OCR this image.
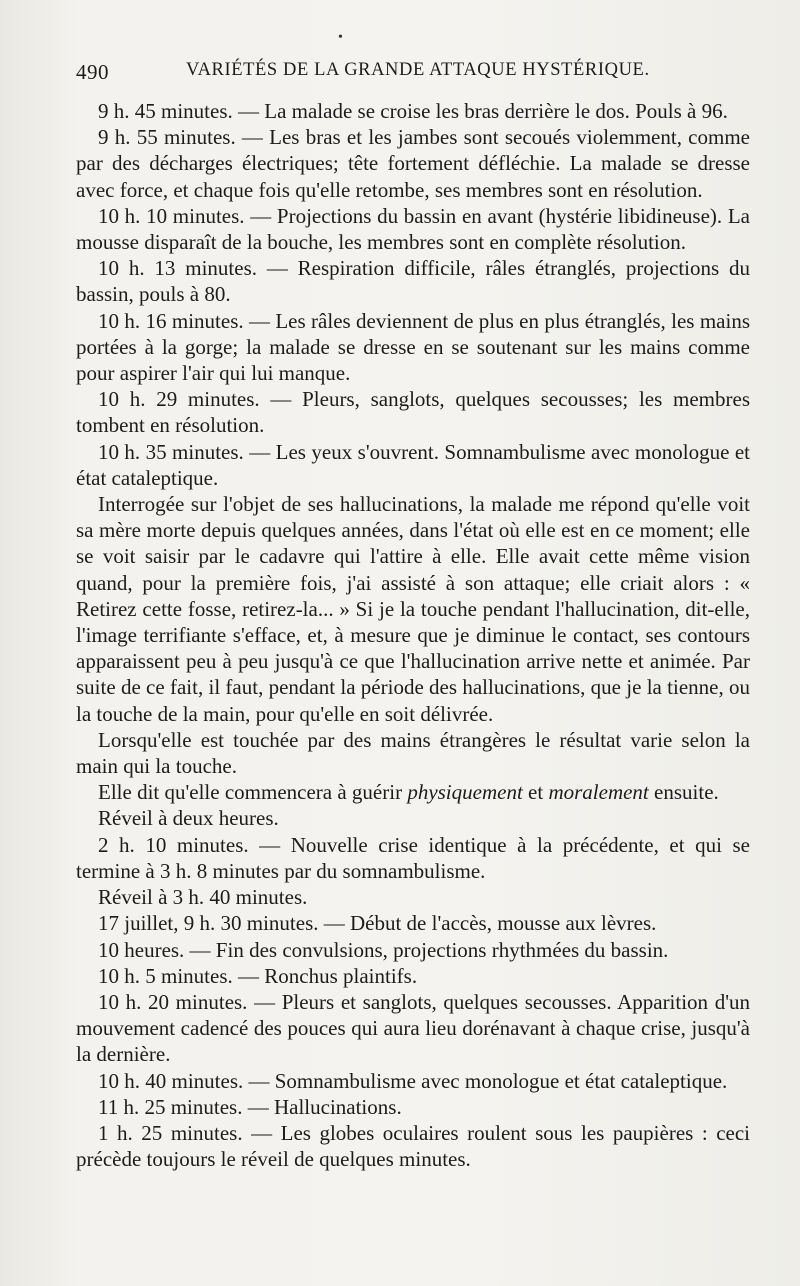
•
490	VARIÉTÉS DE LA GRANDE ATTAQUE HYSTÉRIQUE.

9 h. 45 minutes. — La malade se croise les bras derrière le dos. Pouls à 96.

9 h. 55 minutes. — Les bras et les jambes sont secoués violemment, comme par des décharges électriques; tête fortement défléchie. La malade se dresse avec force, et chaque fois qu'elle retombe, ses membres sont en résolution.

10 h. 10 minutes. — Projections du bassin en avant (hystérie libidineuse). La mousse disparaît de la bouche, les membres sont en complète résolution.

10 h. 13 minutes. — Respiration difficile, râles étranglés, projections du bassin, pouls à 80.

10 h. 16 minutes. — Les râles deviennent de plus en plus étranglés, les mains portées à la gorge; la malade se dresse en se soutenant sur les mains comme pour aspirer l'air qui lui manque.

10 h. 29 minutes. — Pleurs, sanglots, quelques secousses; les membres tombent en résolution.

10 h. 35 minutes. — Les yeux s'ouvrent. Somnambulisme avec monologue et état cataleptique.

Interrogée sur l'objet de ses hallucinations, la malade me répond qu'elle voit sa mère morte depuis quelques années, dans l'état où elle est en ce moment; elle se voit saisir par le cadavre qui l'attire à elle. Elle avait cette même vision quand, pour la première fois, j'ai assisté à son attaque; elle criait alors : « Retirez cette fosse, retirez-la... » Si je la touche pendant l'hallucination, dit-elle, l'image terrifiante s'efface, et, à mesure que je diminue le contact, ses contours apparaissent peu à peu jusqu'à ce que l'hallucination arrive nette et animée. Par suite de ce fait, il faut, pendant la période des hallucinations, que je la tienne, ou la touche de la main, pour qu'elle en soit délivrée.

Lorsqu'elle est touchée par des mains étrangères le résultat varie selon la main qui la touche.

Elle dit qu'elle commencera à guérir physiquement et moralement ensuite.

Réveil à deux heures.

2 h. 10 minutes. — Nouvelle crise identique à la précédente, et qui se termine à 3 h. 8 minutes par du somnambulisme.

Réveil à 3 h. 40 minutes.

17 juillet, 9 h. 30 minutes. — Début de l'accès, mousse aux lèvres.

10 heures. — Fin des convulsions, projections rhythmées du bassin.

10 h. 5 minutes. — Ronchus plaintifs.

10 h. 20 minutes. — Pleurs et sanglots, quelques secousses. Apparition d'un mouvement cadencé des pouces qui aura lieu dorénavant à chaque crise, jusqu'à la dernière.

10 h. 40 minutes. — Somnambulisme avec monologue et état cataleptique.

11 h. 25 minutes. — Hallucinations.

1 h. 25 minutes. — Les globes oculaires roulent sous les paupières : ceci précède toujours le réveil de quelques minutes.
